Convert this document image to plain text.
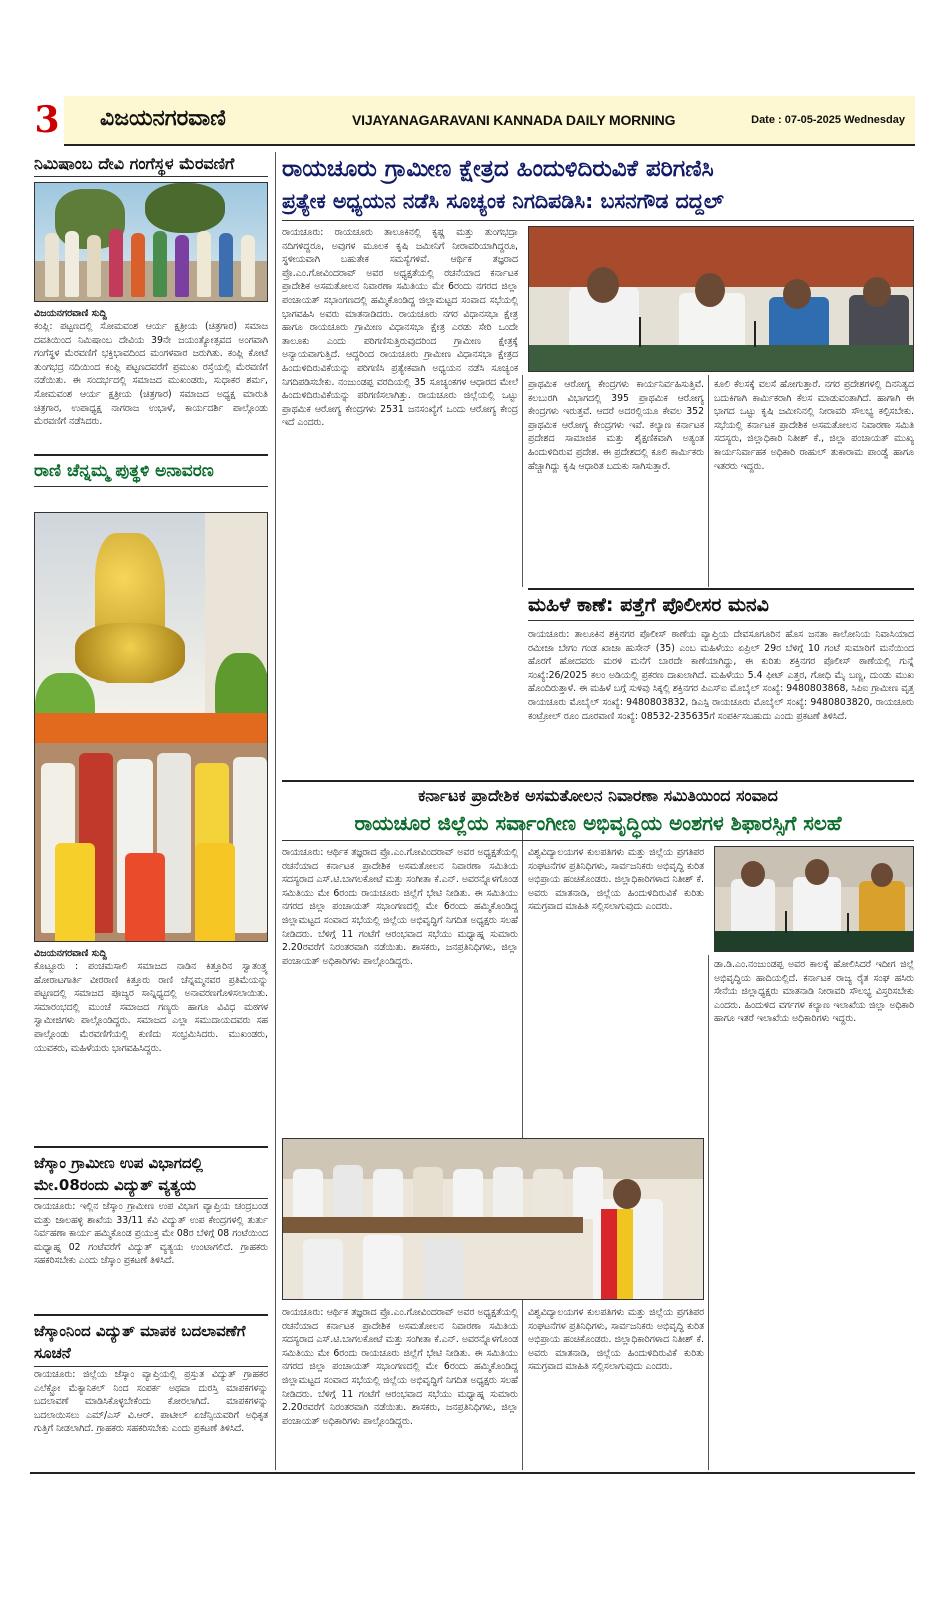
3 ವಿಜಯನಗರವಾಣಿ	VIJAYANAGARAVANI KANNADA DAILY MORNING	Date : 07-05-2025 Wednesday
ನಿಮಿಷಾಂಬ ದೇವಿ ಗಂಗೆಸ್ಥಳ ಮೆರವಣಿಗೆ
ವಿಜಯನಗರವಾಣಿ ಸುದ್ದಿ
ಕಂಪ್ಲಿ: ಪಟ್ಟಣದಲ್ಲಿ ಸೋಮವಂಶ ಆರ್ಯ ಕ್ಷತ್ರೀಯ (ಚಿತ್ರಗಾರ) ಸಮಾಜ ದವತಿಯಿಂದ ನಿಮಿಷಾಂಬ ದೇವಿಯ 39ನೇ ಜಯಂತ್ಯೋತ್ಸವದ ಅಂಗವಾಗಿ ಗಂಗೆಸ್ಥಳ ಮೆರವಣಿಗೆ ಭಕ್ತಿಭಾವದಿಂದ ಮಂಗಳವಾರ ಜರುಗಿತು. ಕಂಪ್ಲಿ ಕೋಟೆ ತುಂಗಭದ್ರ ನದಿಯಿಂದ ಕಂಪ್ಲಿ ಪಟ್ಟಣದವರೆಗೆ ಪ್ರಮುಖ ರಸ್ತೆಯಲ್ಲಿ ಮೆರವಣಿಗೆ ನಡೆಯಿತು. ಈ ಸಂದರ್ಭದಲ್ಲಿ ಸಮಾಜದ ಮುಖಂಡರು, ಸುಧಾಕರ ಶರ್ಮ, ಸೋಮವಂಶ ಆರ್ಯ ಕ್ಷತ್ರೀಯ (ಚಿತ್ರಗಾರ) ಸಮಾಜದ ಅಧ್ಯಕ್ಷ ಮಾರುತಿ ಚಿತ್ರಗಾರ, ಉಪಾಧ್ಯಕ್ಷ ನಾಗರಾಜ ಉಭಾಳೆ, ಕಾರ್ಯದರ್ಶಿ ಪಾಲ್ಗೊಂಡು ಮೆರವಣಿಗೆ ನಡೆಸಿದರು.
ರಾಣಿ ಚೆನ್ನಮ್ಮ ಪುತ್ಥಳಿ ಅನಾವರಣ
ವಿಜಯನಗರವಾಣಿ ಸುದ್ದಿ
ಕೊಟ್ಟೂರು : ಪಂಚಮಸಾಲಿ ಸಮಾಜದ ನಾಡಿನ ಕಿತ್ತೂರಿನ ಸ್ವಾತಂತ್ರ್ಯ ಹೋರಾಟಗಾರ್ತಿ ವೀರರಾಣಿ ಕಿತ್ತೂರು ರಾಣಿ ಚೆನ್ನಮ್ಮನವರ ಪ್ರತಿಮೆಯನ್ನು ಪಟ್ಟಣದಲ್ಲಿ ಸಮಾಜದ ಪೂಜ್ಯರ ಸಾನ್ನಿಧ್ಯದಲ್ಲಿ ಅನಾವರಣಗೊಳಿಸಲಾಯಿತು. ಸಮಾರಂಭದಲ್ಲಿ ಮುಂಚೆ ಸಮಾಜದ ಗಣ್ಯರು ಹಾಗೂ ವಿವಿಧ ಮಠಗಳ ಸ್ವಾಮೀಜಿಗಳು ಪಾಲ್ಗೊಂಡಿದ್ದರು. ಸಮಾಜದ ಎಲ್ಲಾ ಸಮುದಾಯದವರು ಸಹ ಪಾಲ್ಗೊಂಡು ಮೆರವಣಿಗೆಯಲ್ಲಿ ಕುಣಿದು ಸಂಭ್ರಮಿಸಿದರು. ಮುಖಂಡರು, ಯುವಕರು, ಮಹಿಳೆಯರು ಭಾಗವಹಿಸಿದ್ದರು.
ಜೆಸ್ಕಾಂ ಗ್ರಾಮೀಣ ಉಪ ವಿಭಾಗದಲ್ಲಿ ಮೇ.08ರಂದು ವಿದ್ಯುತ್ ವ್ಯತ್ಯಯ
ರಾಯಚೂರು: ಇಲ್ಲಿನ ಜೆಸ್ಕಾಂ ಗ್ರಾಮೀಣ ಉಪ ವಿಭಾಗ ವ್ಯಾಪ್ತಿಯ ಚಂದ್ರಬಂಡ ಮತ್ತು ಜಾಲಹಳ್ಳಿ ಶಾಖೆಯ 33/11 ಕೆವಿ ವಿದ್ಯುತ್ ಉಪ ಕೇಂದ್ರಗಳಲ್ಲಿ ತುರ್ತು ನಿರ್ವಹಣಾ ಕಾರ್ಯ ಹಮ್ಮಿಕೊಂಡ ಪ್ರಯುಕ್ತ ಮೇ 08ರ ಬೆಳಿಗ್ಗೆ 08 ಗಂಟೆಯಿಂದ ಮಧ್ಯಾಹ್ನ 02 ಗಂಟೆವರೆಗೆ ವಿದ್ಯುತ್ ವ್ಯತ್ಯಯ ಉಂಟಾಗಲಿದೆ. ಗ್ರಾಹಕರು ಸಹಕರಿಸಬೇಕು ಎಂದು ಜೆಸ್ಕಾಂ ಪ್ರಕಟಣೆ ತಿಳಿಸಿದೆ.
ಜೆಸ್ಕಾಂನಿಂದ ವಿದ್ಯುತ್ ಮಾಪಕ ಬದಲಾವಣೆಗೆ ಸೂಚನೆ
ರಾಯಚೂರು: ಜಿಲ್ಲೆಯ ಜೆಸ್ಕಾಂ ವ್ಯಾಪ್ತಿಯಲ್ಲಿ ಪ್ರಸ್ತುತ ವಿದ್ಯುತ್ ಗ್ರಾಹಕರ ಎಲೆಕ್ಟ್ರೋ ಮೆಕ್ಯಾನಿಕಲ್ ನಿಂದ ಸಂಪರ್ಕ ಅಥವಾ ದುರಸ್ತಿ ಮಾಪಕಗಳನ್ನು ಬದಲಾವಣೆ ಮಾಡಿಸಿಕೊಳ್ಳಬೇಕೆಂದು ಕೋರಲಾಗಿದೆ. ಮಾಪಕಗಳನ್ನು ಬದಲಾಯಿಸಲು ಎಮ್/ಎಸ್ ವಿ.ಆರ್. ಪಾಟೀಲ್ ಏಜೆನ್ಸಿಯವರಿಗೆ ಅಧಿಕೃತ ಗುತ್ತಿಗೆ ನೀಡಲಾಗಿದೆ. ಗ್ರಾಹಕರು ಸಹಕರಿಸಬೇಕು ಎಂದು ಪ್ರಕಟಣೆ ತಿಳಿಸಿದೆ.
ರಾಯಚೂರು ಗ್ರಾಮೀಣ ಕ್ಷೇತ್ರದ ಹಿಂದುಳಿದಿರುವಿಕೆ ಪರಿಗಣಿಸಿ
ಪ್ರತ್ಯೇಕ ಅಧ್ಯಯನ ನಡೆಸಿ ಸೂಚ್ಯಂಕ ನಿಗದಿಪಡಿಸಿ: ಬಸನಗೌಡ ದದ್ದಲ್
ರಾಯಚೂರು: ರಾಯಚೂರು ತಾಲೂಕಿನಲ್ಲಿ ಕೃಷ್ಣ ಮತ್ತು ತುಂಗಭದ್ರಾ ನದಿಗಳಿದ್ದರೂ, ಅವುಗಳ ಮೂಲಕ ಕೃಷಿ ಜಮೀನಿಗೆ ನೀರಾವರಿಯಾಗಿದ್ದರೂ, ಸ್ಥಳೀಯವಾಗಿ ಬಹುತೇಕ ಸಮಸ್ಯೆಗಳಿವೆ. ಆರ್ಥಿಕ ತಜ್ಞರಾದ ಪ್ರೊ.ಎಂ.ಗೋವಿಂದರಾವ್ ಅವರ ಅಧ್ಯಕ್ಷತೆಯಲ್ಲಿ ರಚನೆಯಾದ ಕರ್ನಾಟಕ ಪ್ರಾದೇಶಿಕ ಅಸಮತೋಲನ ನಿವಾರಣಾ ಸಮಿತಿಯು ಮೇ 6ರಂದು ನಗರದ ಜಿಲ್ಲಾ ಪಂಚಾಯತ್ ಸಭಾಂಗಣದಲ್ಲಿ ಹಮ್ಮಿಕೊಂಡಿದ್ದ ಜಿಲ್ಲಾಮಟ್ಟದ ಸಂವಾದ ಸಭೆಯಲ್ಲಿ ಭಾಗವಹಿಸಿ ಅವರು ಮಾತನಾಡಿದರು. ರಾಯಚೂರು ನಗರ ವಿಧಾನಸಭಾ ಕ್ಷೇತ್ರ ಹಾಗೂ ರಾಯಚೂರು ಗ್ರಾಮೀಣ ವಿಧಾನಸಭಾ ಕ್ಷೇತ್ರ ಎರಡು ಸೇರಿ ಒಂದೇ ತಾಲೂಕು ಎಂದು ಪರಿಗಣಿಸುತ್ತಿರುವುದರಿಂದ ಗ್ರಾಮೀಣ ಕ್ಷೇತ್ರಕ್ಕೆ ಅನ್ಯಾಯವಾಗುತ್ತಿದೆ. ಆದ್ದರಿಂದ ರಾಯಚೂರು ಗ್ರಾಮೀಣ ವಿಧಾನಸಭಾ ಕ್ಷೇತ್ರದ ಹಿಂದುಳಿದಿರುವಿಕೆಯನ್ನು ಪರಿಗಣಿಸಿ ಪ್ರತ್ಯೇಕವಾಗಿ ಅಧ್ಯಯನ ನಡೆಸಿ ಸೂಚ್ಯಂಕ ನಿಗದಿಪಡಿಸಬೇಕು. ನಂಜುಂಡಪ್ಪ ವರದಿಯಲ್ಲಿ 35 ಸೂಚ್ಯಂಕಗಳ ಆಧಾರದ ಮೇಲೆ ಹಿಂದುಳಿದಿರುವಿಕೆಯನ್ನು ಪರಿಗಣಿಸಲಾಗಿತ್ತು. ರಾಯಚೂರು ಜಿಲ್ಲೆಯಲ್ಲಿ ಒಟ್ಟು ಪ್ರಾಥಮಿಕ ಆರೋಗ್ಯ ಕೇಂದ್ರಗಳು 2531 ಜನಸಂಖ್ಯೆಗೆ ಒಂದು ಆರೋಗ್ಯ ಕೇಂದ್ರ ಇದೆ ಎಂದರು.
ಪ್ರಾಥಮಿಕ ಆರೋಗ್ಯ ಕೇಂದ್ರಗಳು ಕಾರ್ಯನಿರ್ವಹಿಸುತ್ತಿವೆ. ಕಲಬುರಗಿ ವಿಭಾಗದಲ್ಲಿ 395 ಪ್ರಾಥಮಿಕ ಆರೋಗ್ಯ ಕೇಂದ್ರಗಳು ಇರುತ್ತವೆ. ಆದರೆ ಅದರಲ್ಲಿಯೂ ಕೇವಲ 352 ಪ್ರಾಥಮಿಕ ಆರೋಗ್ಯ ಕೇಂದ್ರಗಳು ಇವೆ. ಕಲ್ಯಾಣ ಕರ್ನಾಟಕ ಪ್ರದೇಶದ ಸಾಮಾಜಿಕ ಮತ್ತು ಶೈಕ್ಷಣಿಕವಾಗಿ ಅತ್ಯಂತ ಹಿಂದುಳಿದಿರುವ ಪ್ರದೇಶ. ಈ ಪ್ರದೇಶದಲ್ಲಿ ಕೂಲಿ ಕಾರ್ಮಿಕರು ಹೆಚ್ಚಾಗಿದ್ದು ಕೃಷಿ ಆಧಾರಿತ ಬದುಕು ಸಾಗಿಸುತ್ತಾರೆ.
ಕೂಲಿ ಕೆಲಸಕ್ಕೆ ವಲಸೆ ಹೋಗುತ್ತಾರೆ. ನಗರ ಪ್ರದೇಶಗಳಲ್ಲಿ ದಿನನಿತ್ಯದ ಬದುಕಿಗಾಗಿ ಕಾರ್ಮಿಕರಾಗಿ ಕೆಲಸ ಮಾಡುವಂತಾಗಿದೆ. ಹಾಗಾಗಿ ಈ ಭಾಗದ ಒಟ್ಟು ಕೃಷಿ ಜಮೀನಿನಲ್ಲಿ ನೀರಾವರಿ ಸೌಲಭ್ಯ ಕಲ್ಪಿಸಬೇಕು. ಸಭೆಯಲ್ಲಿ ಕರ್ನಾಟಕ ಪ್ರಾದೇಶಿಕ ಅಸಮತೋಲನ ನಿವಾರಣಾ ಸಮಿತಿ ಸದಸ್ಯರು, ಜಿಲ್ಲಾಧಿಕಾರಿ ನಿತೀಶ್ ಕೆ., ಜಿಲ್ಲಾ ಪಂಚಾಯತ್ ಮುಖ್ಯ ಕಾರ್ಯನಿರ್ವಾಹಕ ಅಧಿಕಾರಿ ರಾಹುಲ್ ತುಕಾರಾಮ ಪಾಂಡ್ವೆ ಹಾಗೂ ಇತರರು ಇದ್ದರು.
ಮಹಿಳೆ ಕಾಣೆ: ಪತ್ತೆಗೆ ಪೊಲೀಸರ ಮನವಿ
ರಾಯಚೂರು: ತಾಲೂಕಿನ ಶಕ್ತಿನಗರ ಪೊಲೀಸ್ ಠಾಣೆಯ ವ್ಯಾಪ್ತಿಯ ದೇವಸೂಗೂರಿನ ಹೊಸ ಜನತಾ ಕಾಲೋನಿಯ ನಿವಾಸಿಯಾದ ರಮೀಜಾ ಬೇಗಂ ಗಂಡ ಖಾಜಾ ಹುಸೇನ್ (35) ಎಂಬ ಮಹಿಳೆಯು ಏಪ್ರಿಲ್ 29ರ ಬೆಳಿಗ್ಗೆ 10 ಗಂಟೆ ಸುಮಾರಿಗೆ ಮನೆಯಿಂದ ಹೊರಗೆ ಹೋದವರು ಮರಳಿ ಮನೆಗೆ ಬಾರದೇ ಕಾಣೆಯಾಗಿದ್ದು, ಈ ಕುರಿತು ಶಕ್ತಿನಗರ ಪೊಲೀಸ್ ಠಾಣೆಯಲ್ಲಿ ಗುನ್ನೆ ಸಂಖ್ಯೆ:26/2025 ಕಲಂ ಅಡಿಯಲ್ಲಿ ಪ್ರಕರಣ ದಾಖಲಾಗಿದೆ. ಮಹಿಳೆಯು 5.4 ಫೀಟ್ ಎತ್ತರ, ಗೋಧಿ ಮೈ ಬಣ್ಣ, ದುಂಡು ಮುಖ ಹೊಂದಿರುತ್ತಾಳೆ. ಈ ಮಹಿಳೆ ಬಗ್ಗೆ ಸುಳಿವು ಸಿಕ್ಕಲ್ಲಿ ಶಕ್ತಿನಗರ ಪಿಎಸ್ಐ ಮೊಬೈಲ್ ಸಂಖ್ಯೆ: 9480803868, ಸಿಪಿಐ ಗ್ರಾಮೀಣ ವೃತ್ತ ರಾಯಚೂರು ಮೊಬೈಲ್ ಸಂಖ್ಯೆ: 9480803832, ಡಿಎಸ್ಪಿ ರಾಯಚೂರು ಮೊಬೈಲ್ ಸಂಖ್ಯೆ: 9480803820, ರಾಯಚೂರು ಕಂಟ್ರೋಲ್ ರೂಂ ದೂರವಾಣಿ ಸಂಖ್ಯೆ: 08532-235635ಗೆ ಸಂಪರ್ಕಿಸಬಹುದು ಎಂದು ಪ್ರಕಟಣೆ ತಿಳಿಸಿದೆ.
ಕರ್ನಾಟಕ ಪ್ರಾದೇಶಿಕ ಅಸಮತೋಲನ ನಿವಾರಣಾ ಸಮಿತಿಯಿಂದ ಸಂವಾದ
ರಾಯಚೂರ ಜಿಲ್ಲೆಯ ಸರ್ವಾಂಗೀಣ ಅಭಿವೃದ್ಧಿಯ ಅಂಶಗಳ ಶಿಫಾರಸ್ಸಿಗೆ ಸಲಹೆ
ರಾಯಚೂರು: ಆರ್ಥಿಕ ತಜ್ಞರಾದ ಪ್ರೊ.ಎಂ.ಗೋವಿಂದರಾವ್ ಅವರ ಅಧ್ಯಕ್ಷತೆಯಲ್ಲಿ ರಚನೆಯಾದ ಕರ್ನಾಟಕ ಪ್ರಾದೇಶಿಕ ಅಸಮತೋಲನ ನಿವಾರಣಾ ಸಮಿತಿಯ ಸದಸ್ಯರಾದ ಎಸ್.ಟಿ.ಬಾಗಲಕೋಟೆ ಮತ್ತು ಸಂಗೀತಾ ಕೆ.ಎನ್. ಅವರನ್ನೊಳಗೊಂಡ ಸಮಿತಿಯು ಮೇ 6ರಂದು ರಾಯಚೂರು ಜಿಲ್ಲೆಗೆ ಭೇಟಿ ನೀಡಿತು. ಈ ಸಮಿತಿಯು ನಗರದ ಜಿಲ್ಲಾ ಪಂಚಾಯತ್ ಸಭಾಂಗಣದಲ್ಲಿ ಮೇ 6ರಂದು ಹಮ್ಮಿಕೊಂಡಿದ್ದ ಜಿಲ್ಲಾಮಟ್ಟದ ಸಂವಾದ ಸಭೆಯಲ್ಲಿ ಜಿಲ್ಲೆಯ ಅಭಿವೃದ್ಧಿಗೆ ನಿಗದಿತ ಅಧ್ಯಕ್ಷರು ಸಲಹೆ ನೀಡಿದರು. ಬೆಳಿಗ್ಗೆ 11 ಗಂಟೆಗೆ ಆರಂಭವಾದ ಸಭೆಯು ಮಧ್ಯಾಹ್ನ ಸುಮಾರು 2.20ರವರೆಗೆ ನಿರಂತರವಾಗಿ ನಡೆಯಿತು. ಶಾಸಕರು, ಜನಪ್ರತಿನಿಧಿಗಳು, ಜಿಲ್ಲಾ ಪಂಚಾಯತ್ ಅಧಿಕಾರಿಗಳು ಪಾಲ್ಗೊಂಡಿದ್ದರು.
ವಿಶ್ವವಿದ್ಯಾಲಯಗಳ ಕುಲಪತಿಗಳು ಮತ್ತು ಜಿಲ್ಲೆಯ ಪ್ರಗತಿಪರ ಸಂಘಟನೆಗಳ ಪ್ರತಿನಿಧಿಗಳು, ಸಾರ್ವಜನಿಕರು ಅಭಿವೃದ್ಧಿ ಕುರಿತ ಅಭಿಪ್ರಾಯ ಹಂಚಿಕೊಂಡರು. ಜಿಲ್ಲಾಧಿಕಾರಿಗಳಾದ ನಿತೀಶ್ ಕೆ. ಅವರು ಮಾತನಾಡಿ, ಜಿಲ್ಲೆಯ ಹಿಂದುಳಿದಿರುವಿಕೆ ಕುರಿತು ಸಮಗ್ರವಾದ ಮಾಹಿತಿ ಸಲ್ಲಿಸಲಾಗುವುದು ಎಂದರು.
ಡಾ.ಡಿ.ಎಂ.ನಂಜುಂಡಪ್ಪ ಅವರ ಕಾಲಕ್ಕೆ ಹೋಲಿಸಿದರೆ ಇದೀಗ ಜಿಲ್ಲೆ ಅಭಿವೃದ್ಧಿಯ ಹಾದಿಯಲ್ಲಿದೆ. ಕರ್ನಾಟಕ ರಾಜ್ಯ ರೈತ ಸಂಘ ಹಸಿರು ಸೇನೆಯ ಜಿಲ್ಲಾಧ್ಯಕ್ಷರು ಮಾತನಾಡಿ ನೀರಾವರಿ ಸೌಲಭ್ಯ ವಿಸ್ತರಿಸಬೇಕು ಎಂದರು. ಹಿಂದುಳಿದ ವರ್ಗಗಳ ಕಲ್ಯಾಣ ಇಲಾಖೆಯ ಜಿಲ್ಲಾ ಅಧಿಕಾರಿ ಹಾಗೂ ಇತರೆ ಇಲಾಖೆಯ ಅಧಿಕಾರಿಗಳು ಇದ್ದರು.
ರಾಯಚೂರು: ಆರ್ಥಿಕ ತಜ್ಞರಾದ ಪ್ರೊ.ಎಂ.ಗೋವಿಂದರಾವ್ ಅವರ ಅಧ್ಯಕ್ಷತೆಯಲ್ಲಿ ರಚನೆಯಾದ ಕರ್ನಾಟಕ ಪ್ರಾದೇಶಿಕ ಅಸಮತೋಲನ ನಿವಾರಣಾ ಸಮಿತಿಯ ಸದಸ್ಯರಾದ ಎಸ್.ಟಿ.ಬಾಗಲಕೋಟೆ ಮತ್ತು ಸಂಗೀತಾ ಕೆ.ಎನ್. ಅವರನ್ನೊಳಗೊಂಡ ಸಮಿತಿಯು ಮೇ 6ರಂದು ರಾಯಚೂರು ಜಿಲ್ಲೆಗೆ ಭೇಟಿ ನೀಡಿತು. ಈ ಸಮಿತಿಯು ನಗರದ ಜಿಲ್ಲಾ ಪಂಚಾಯತ್ ಸಭಾಂಗಣದಲ್ಲಿ ಮೇ 6ರಂದು ಹಮ್ಮಿಕೊಂಡಿದ್ದ ಜಿಲ್ಲಾಮಟ್ಟದ ಸಂವಾದ ಸಭೆಯಲ್ಲಿ ಜಿಲ್ಲೆಯ ಅಭಿವೃದ್ಧಿಗೆ ನಿಗದಿತ ಅಧ್ಯಕ್ಷರು ಸಲಹೆ ನೀಡಿದರು. ಬೆಳಿಗ್ಗೆ 11 ಗಂಟೆಗೆ ಆರಂಭವಾದ ಸಭೆಯು ಮಧ್ಯಾಹ್ನ ಸುಮಾರು 2.20ರವರೆಗೆ ನಿರಂತರವಾಗಿ ನಡೆಯಿತು. ಶಾಸಕರು, ಜನಪ್ರತಿನಿಧಿಗಳು, ಜಿಲ್ಲಾ ಪಂಚಾಯತ್ ಅಧಿಕಾರಿಗಳು ಪಾಲ್ಗೊಂಡಿದ್ದರು.
ವಿಶ್ವವಿದ್ಯಾಲಯಗಳ ಕುಲಪತಿಗಳು ಮತ್ತು ಜಿಲ್ಲೆಯ ಪ್ರಗತಿಪರ ಸಂಘಟನೆಗಳ ಪ್ರತಿನಿಧಿಗಳು, ಸಾರ್ವಜನಿಕರು ಅಭಿವೃದ್ಧಿ ಕುರಿತ ಅಭಿಪ್ರಾಯ ಹಂಚಿಕೊಂಡರು. ಜಿಲ್ಲಾಧಿಕಾರಿಗಳಾದ ನಿತೀಶ್ ಕೆ. ಅವರು ಮಾತನಾಡಿ, ಜಿಲ್ಲೆಯ ಹಿಂದುಳಿದಿರುವಿಕೆ ಕುರಿತು ಸಮಗ್ರವಾದ ಮಾಹಿತಿ ಸಲ್ಲಿಸಲಾಗುವುದು ಎಂದರು.
